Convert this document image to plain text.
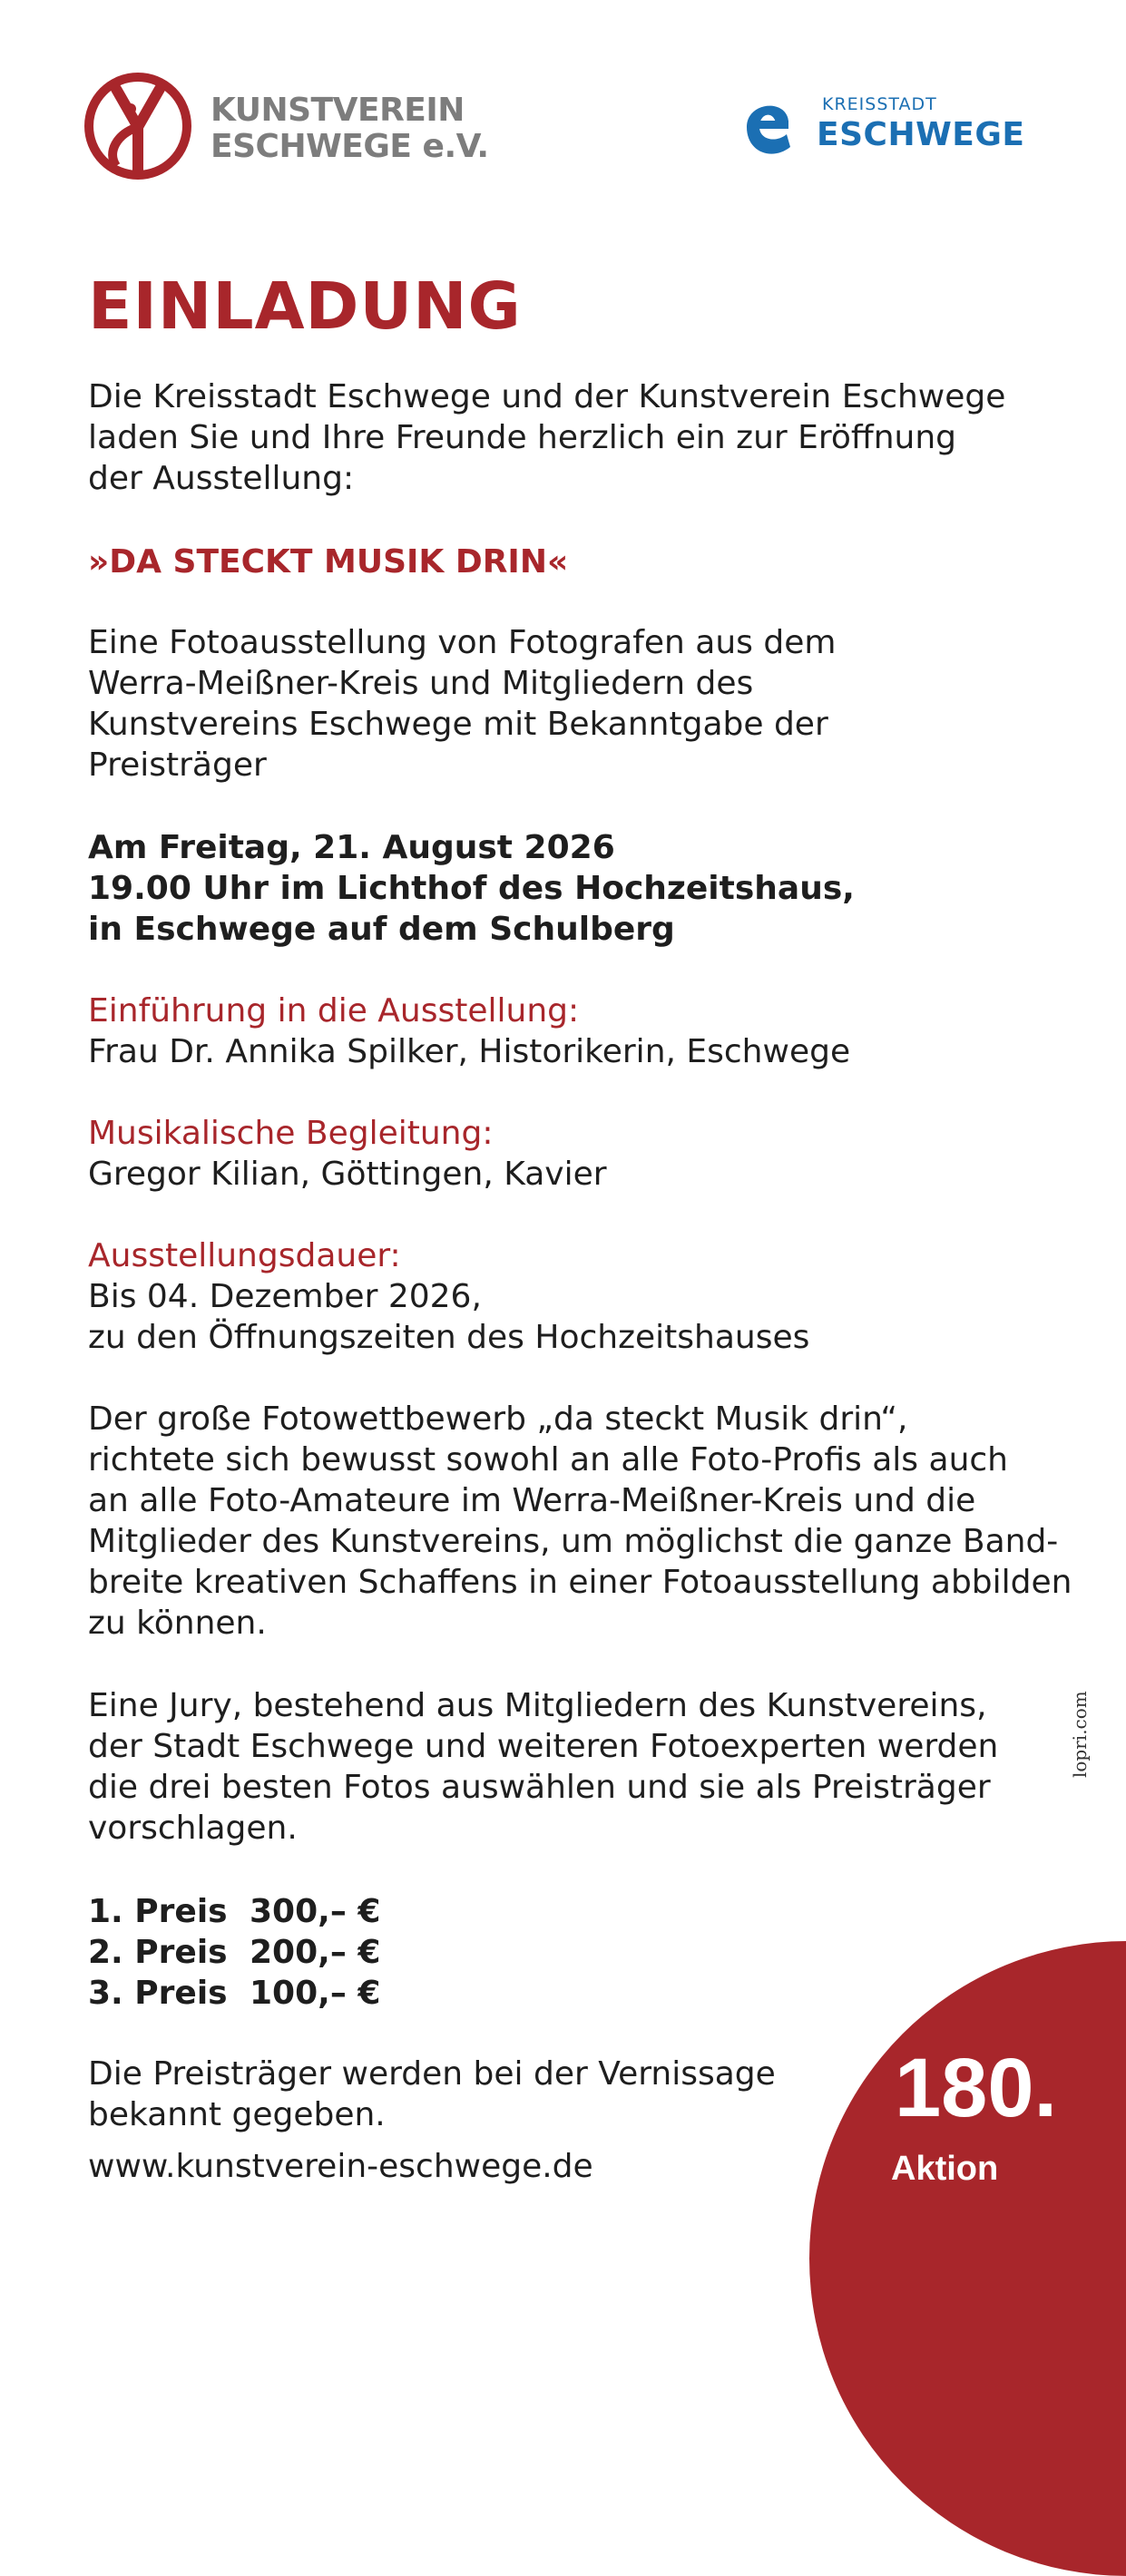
KUNSTVEREIN
ESCHWEGE e.V.
KREISSTADT
ESCHWEGE
EINLADUNG
Die Kreisstadt Eschwege und der Kunstverein Eschwege
laden Sie und Ihre Freunde herzlich ein zur Eröffnung
der Ausstellung:
»DA STECKT MUSIK DRIN«
Eine Fotoausstellung von Fotografen aus dem
Werra-Meißner-Kreis und Mitgliedern des
Kunstvereins Eschwege mit Bekanntgabe der
Preisträger
Am Freitag, 21. August 2026
19.00 Uhr im Lichthof des Hochzeitshaus,
in Eschwege auf dem Schulberg
Einführung in die Ausstellung:
Frau Dr. Annika Spilker, Historikerin, Eschwege
Musikalische Begleitung:
Gregor Kilian, Göttingen, Kavier
Ausstellungsdauer:
Bis 04. Dezember 2026,
zu den Öffnungszeiten des Hochzeitshauses
Der große Fotowettbewerb „da steckt Musik drin“,
richtete sich bewusst sowohl an alle Foto-Profis als auch
an alle Foto-Amateure im Werra-Meißner-Kreis und die
Mitglieder des Kunstvereins, um möglichst die ganze Band-
breite kreativen Schaffens in einer Fotoausstellung abbilden
zu können.
Eine Jury, bestehend aus Mitgliedern des Kunstvereins,
der Stadt Eschwege und weiteren Fotoexperten werden
die drei besten Fotos auswählen und sie als Preisträger
vorschlagen.
1. Preis 300,– €
2. Preis 200,– €
3. Preis 100,– €
Die Preisträger werden bei der Vernissage
bekannt gegeben.
www.kunstverein-eschwege.de
lopri.com
180.
Aktion
